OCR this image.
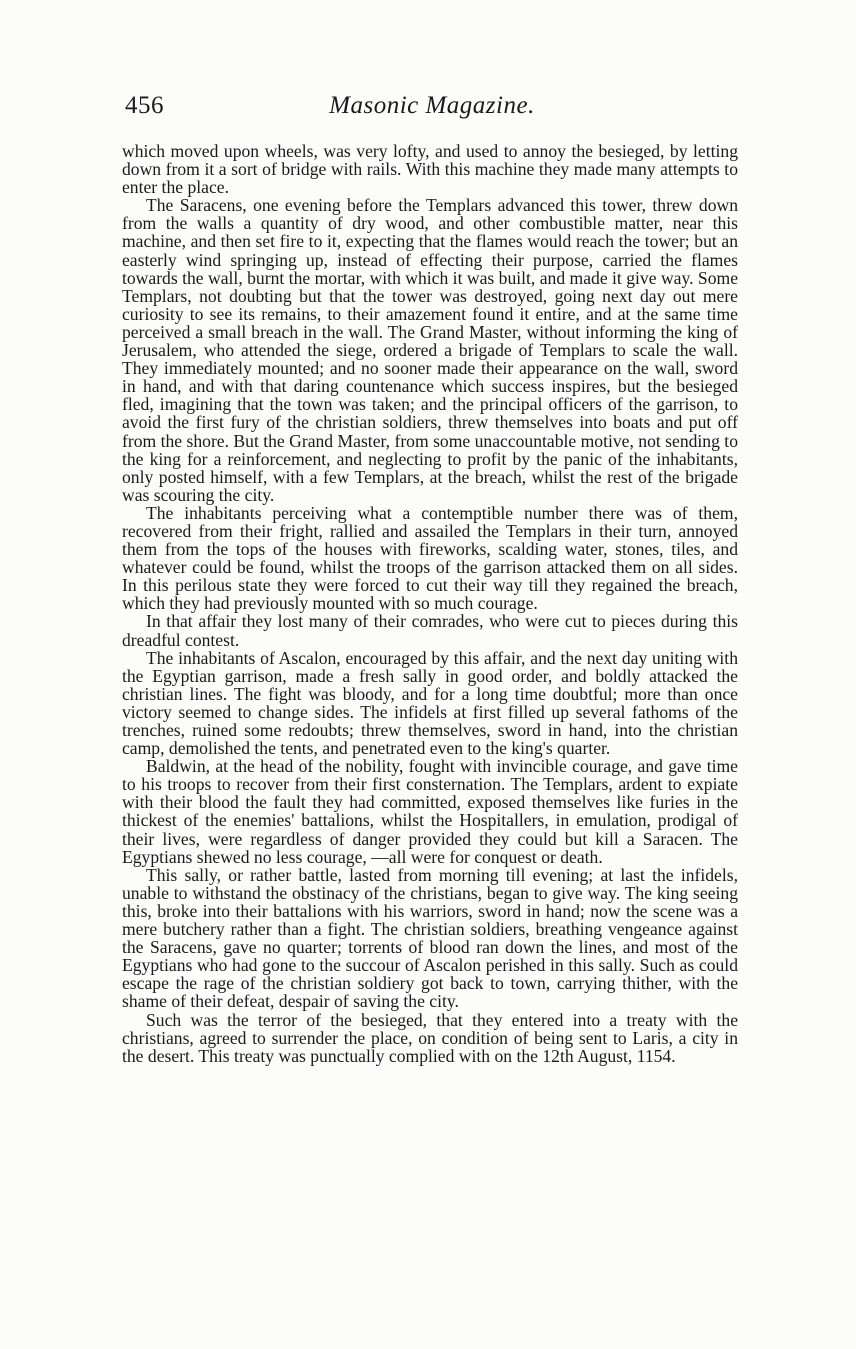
456	Masonic Magazine.

which moved upon wheels, was very lofty, and used to annoy the besieged, by letting down from it a sort of bridge with rails. With this machine they made many attempts to enter the place.

The Saracens, one evening before the Templars advanced this tower, threw down from the walls a quantity of dry wood, and other combustible matter, near this machine, and then set fire to it, expecting that the flames would reach the tower; but an easterly wind springing up, instead of effecting their purpose, carried the flames towards the wall, burnt the mortar, with which it was built, and made it give way. Some Templars, not doubting but that the tower was destroyed, going next day out mere curiosity to see its remains, to their amazement found it entire, and at the same time perceived a small breach in the wall. The Grand Master, without informing the king of Jerusalem, who attended the siege, ordered a brigade of Templars to scale the wall. They immediately mounted; and no sooner made their appearance on the wall, sword in hand, and with that daring countenance which success inspires, but the besieged fled, imagining that the town was taken; and the principal officers of the garrison, to avoid the first fury of the christian soldiers, threw themselves into boats and put off from the shore. But the Grand Master, from some unaccountable motive, not sending to the king for a reinforcement, and neglecting to profit by the panic of the inhabitants, only posted himself, with a few Templars, at the breach, whilst the rest of the brigade was scouring the city.

The inhabitants perceiving what a contemptible number there was of them, recovered from their fright, rallied and assailed the Templars in their turn, annoyed them from the tops of the houses with fireworks, scalding water, stones, tiles, and whatever could be found, whilst the troops of the garrison attacked them on all sides. In this perilous state they were forced to cut their way till they regained the breach, which they had previously mounted with so much courage.

In that affair they lost many of their comrades, who were cut to pieces during this dreadful contest.

The inhabitants of Ascalon, encouraged by this affair, and the next day uniting with the Egyptian garrison, made a fresh sally in good order, and boldly attacked the christian lines. The fight was bloody, and for a long time doubtful; more than once victory seemed to change sides. The infidels at first filled up several fathoms of the trenches, ruined some redoubts; threw themselves, sword in hand, into the christian camp, demolished the tents, and penetrated even to the king's quarter.

Baldwin, at the head of the nobility, fought with invincible courage, and gave time to his troops to recover from their first consternation. The Templars, ardent to expiate with their blood the fault they had committed, exposed themselves like furies in the thickest of the enemies' battalions, whilst the Hospitallers, in emulation, prodigal of their lives, were regardless of danger provided they could but kill a Saracen. The Egyptians shewed no less courage, —all were for conquest or death.

This sally, or rather battle, lasted from morning till evening; at last the infidels, unable to withstand the obstinacy of the christians, began to give way. The king seeing this, broke into their battalions with his warriors, sword in hand; now the scene was a mere butchery rather than a fight. The christian soldiers, breathing vengeance against the Saracens, gave no quarter; torrents of blood ran down the lines, and most of the Egyptians who had gone to the succour of Ascalon perished in this sally. Such as could escape the rage of the christian soldiery got back to town, carrying thither, with the shame of their defeat, despair of saving the city.

Such was the terror of the besieged, that they entered into a treaty with the christians, agreed to surrender the place, on condition of being sent to Laris, a city in the desert. This treaty was punctually complied with on the 12th August, 1154.
